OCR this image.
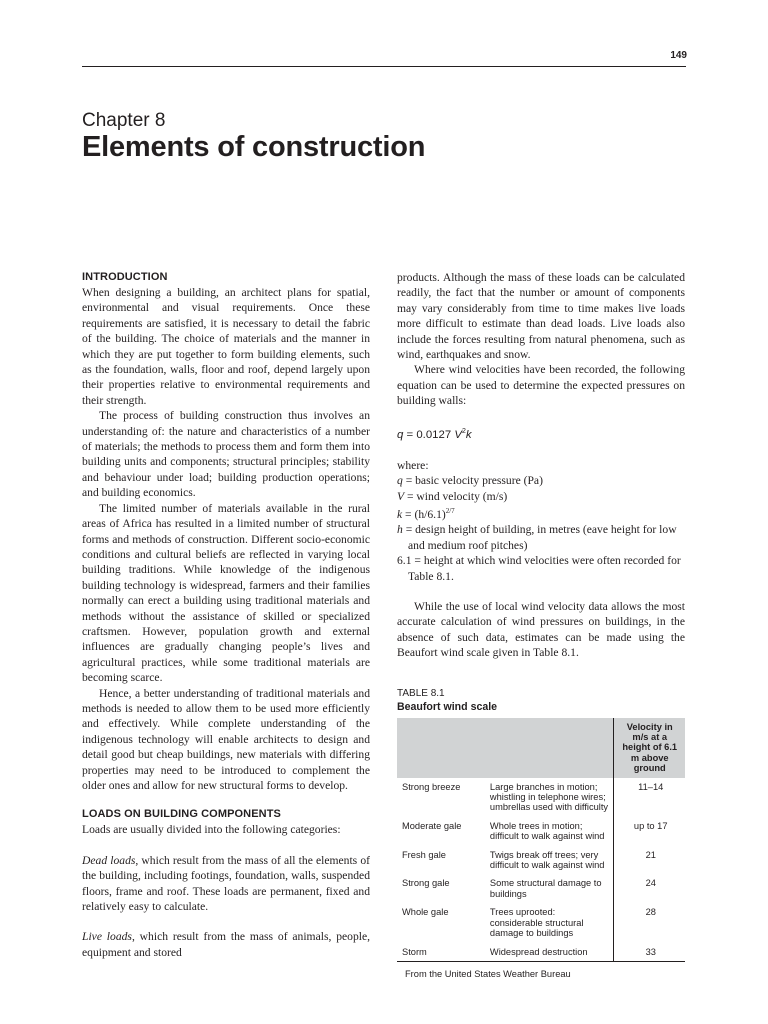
149
Chapter 8
Elements of construction

INTRODUCTION

When designing a building, an architect plans for spatial, environmental and visual requirements. Once these requirements are satisfied, it is necessary to detail the fabric of the building. The choice of materials and the manner in which they are put together to form building elements, such as the foundation, walls, floor and roof, depend largely upon their properties relative to environmental requirements and their strength.

The process of building construction thus involves an understanding of: the nature and characteristics of a number of materials; the methods to process them and form them into building units and components; structural principles; stability and behaviour under load; building production operations; and building economics.

The limited number of materials available in the rural areas of Africa has resulted in a limited number of structural forms and methods of construction. Different socio-economic conditions and cultural beliefs are reflected in varying local building traditions. While knowledge of the indigenous building technology is widespread, farmers and their families normally can erect a building using traditional materials and methods without the assistance of skilled or specialized craftsmen. However, population growth and external influences are gradually changing people’s lives and agricultural practices, while some traditional materials are becoming scarce.

Hence, a better understanding of traditional materials and methods is needed to allow them to be used more efficiently and effectively. While complete understanding of the indigenous technology will enable architects to design and detail good but cheap buildings, new materials with differing properties may need to be introduced to complement the older ones and allow for new structural forms to develop.

LOADS ON BUILDING COMPONENTS

Loads are usually divided into the following categories:

Dead loads, which result from the mass of all the elements of the building, including footings, foundation, walls, suspended floors, frame and roof. These loads are permanent, fixed and relatively easy to calculate.

Live loads, which result from the mass of animals, people, equipment and stored

products. Although the mass of these loads can be calculated readily, the fact that the number or amount of components may vary considerably from time to time makes live loads more difficult to estimate than dead loads. Live loads also include the forces resulting from natural phenomena, such as wind, earthquakes and snow.

Where wind velocities have been recorded, the following equation can be used to determine the expected pressures on building walls:

q = 0.0127 $V^2k$

where:

q = basic velocity pressure (Pa)
V = wind velocity (m/s)
$k = (h/6.1)^{2/7}$
h = design height of building, in metres (eave height for low and medium roof pitches)
6.1 = height at which wind velocities were often recorded for Table 8.1.

While the use of local wind velocity data allows the most accurate calculation of wind pressures on buildings, in the absence of such data, estimates can be made using the Beaufort wind scale given in Table 8.1.

TABLE 8.1
Beaufort wind scale
		Velocity in m/s at a height of 6.1 m above ground
Strong breeze	Large branches in motion; whistling in telephone wires; umbrellas used with difficulty	11–14
Moderate gale	Whole trees in motion; difficult to walk against wind	up to 17
Fresh gale	Twigs break off trees; very difficult to walk against wind	21
Strong gale	Some structural damage to buildings	24
Whole gale	Trees uprooted: considerable structural damage to buildings	28
Storm	Widespread destruction	33
From the United States Weather Bureau
